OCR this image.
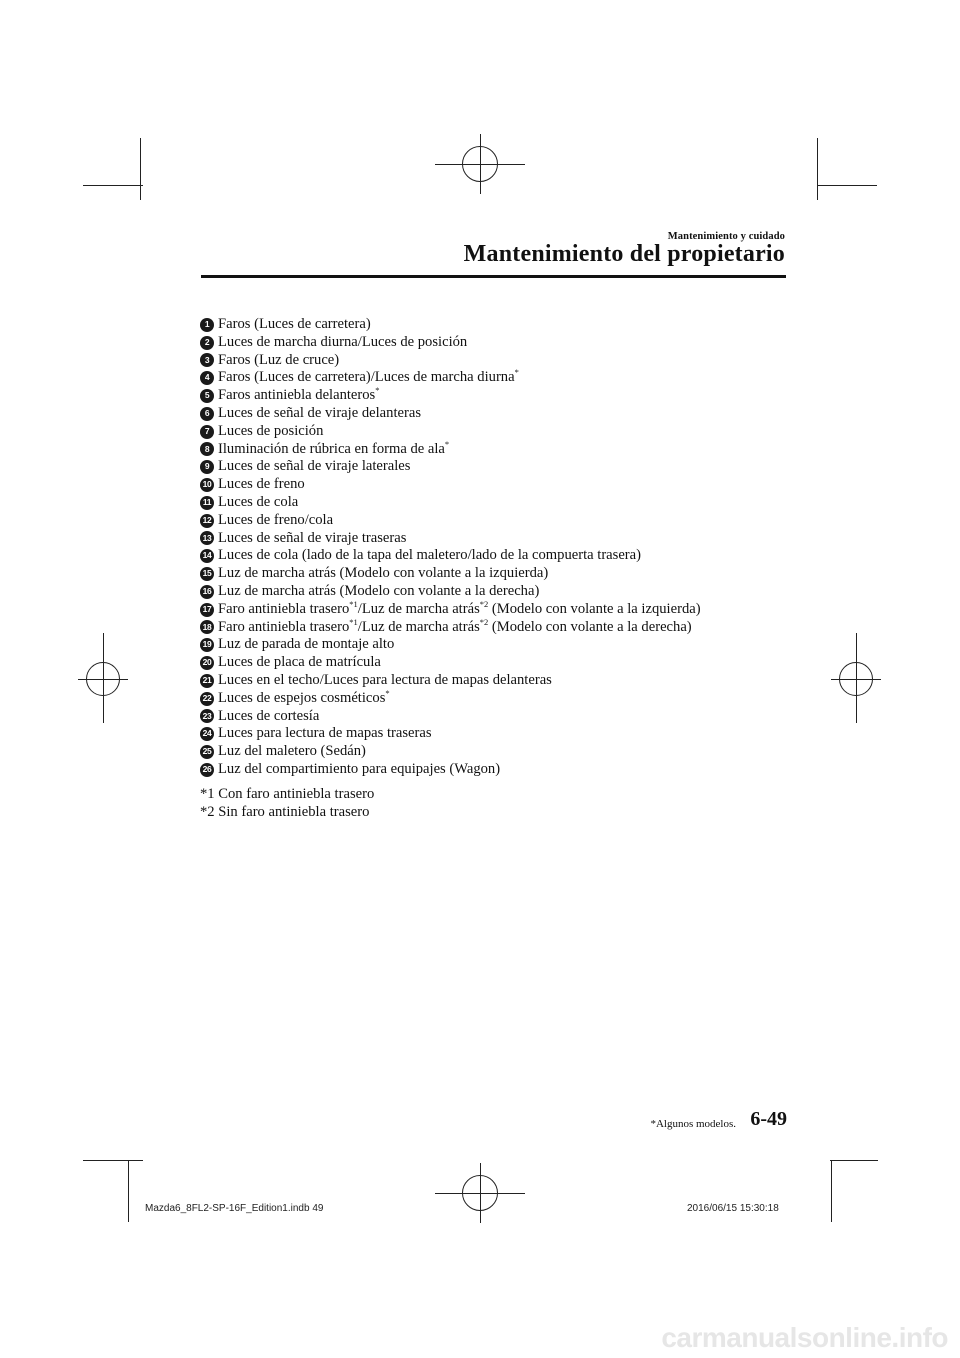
Mantenimiento y cuidado
Mantenimiento del propietario
1 Faros (Luces de carretera)
2 Luces de marcha diurna/Luces de posición
3 Faros (Luz de cruce)
4 Faros (Luces de carretera)/Luces de marcha diurna*
5 Faros antiniebla delanteros*
6 Luces de señal de viraje delanteras
7 Luces de posición
8 Iluminación de rúbrica en forma de ala*
9 Luces de señal de viraje laterales
10 Luces de freno
11 Luces de cola
12 Luces de freno/cola
13 Luces de señal de viraje traseras
14 Luces de cola (lado de la tapa del maletero/lado de la compuerta trasera)
15 Luz de marcha atrás (Modelo con volante a la izquierda)
16 Luz de marcha atrás (Modelo con volante a la derecha)
17 Faro antiniebla trasero$^{*1}$/Luz de marcha atrás$^{*2}$ (Modelo con volante a la izquierda)
18 Faro antiniebla trasero$^{*1}$/Luz de marcha atrás$^{*2}$ (Modelo con volante a la derecha)
19 Luz de parada de montaje alto
20 Luces de placa de matrícula
21 Luces en el techo/Luces para lectura de mapas delanteras
22 Luces de espejos cosméticos*
23 Luces de cortesía
24 Luces para lectura de mapas traseras
25 Luz del maletero (Sedán)
26 Luz del compartimiento para equipajes (Wagon)
*1 Con faro antiniebla trasero
*2 Sin faro antiniebla trasero
*Algunos modelos. 6-49
Mazda6_8FL2-SP-16F_Edition1.indb 49	2016/06/15 15:30:18
carmanualsonline.info
